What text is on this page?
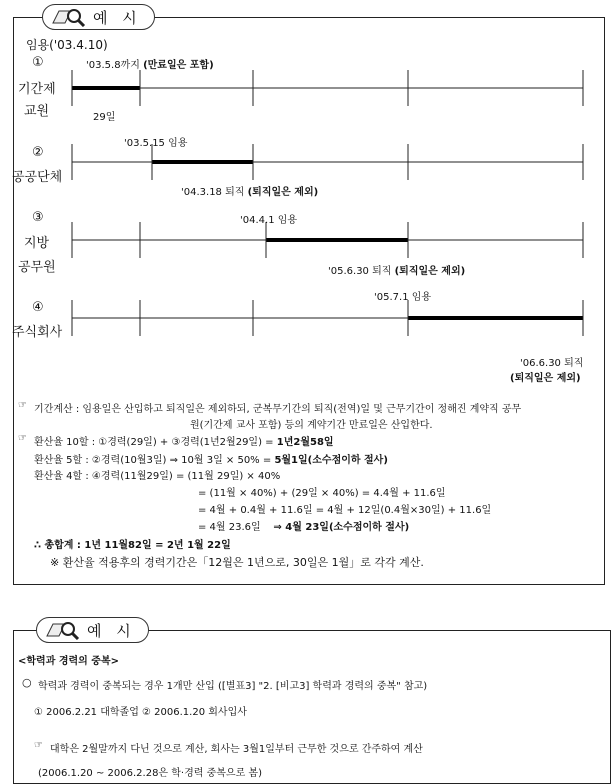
예 시
임용('03.4.10)
①
기간제
교원
②
공공단체
③
지방
공무원
④
주식회사
'03.5.8까지 (만료일은 포함)
29일
'03.5.15 임용
'04.3.18 퇴직 (퇴직일은 제외)
'04.4.1 임용
'05.6.30 퇴직 (퇴직일은 제외)
'05.7.1 임용
'06.6.30 퇴직
(퇴직일은 제외)
☞ 기간계산 : 임용일은 산입하고 퇴직일은 제외하되, 군복무기간의 퇴직(전역)일 및 근무기간이 정해진 계약직 공무
원(기간제 교사 포함) 등의 계약기간 만료일은 산입한다.
☞ 환산율 10할 : ①경력(29일) + ③경력(1년2월29일) = 1년2월58일
환산율 5할 : ②경력(10월3일) ⇒ 10월 3일 × 50% = 5월1일(소수점이하 절사)
환산율 4할 : ④경력(11월29일) = (11월 29일) × 40%
= (11월 × 40%) + (29일 × 40%) = 4.4월 + 11.6일
= 4월 + 0.4월 + 11.6일 = 4월 + 12일(0.4월×30일) + 11.6일
= 4월 23.6일 ⇒ 4월 23일(소수점이하 절사)
∴ 총합계 : 1년 11월82일 = 2년 1월 22일
※ 환산율 적용후의 경력기간은「12월은 1년으로, 30일은 1월」로 각각 계산.
예 시
<학력과 경력의 중복>
○ 학력과 경력이 중복되는 경우 1개만 산입 ([별표3] "2. [비고3] 학력과 경력의 중복" 참고)
① 2006.2.21 대학졸업 ② 2006.1.20 회사입사
☞ 대학은 2월말까지 다닌 것으로 계산, 회사는 3월1일부터 근무한 것으로 간주하여 계산
(2006.1.20 ~ 2006.2.28은 학·경력 중복으로 봄)
